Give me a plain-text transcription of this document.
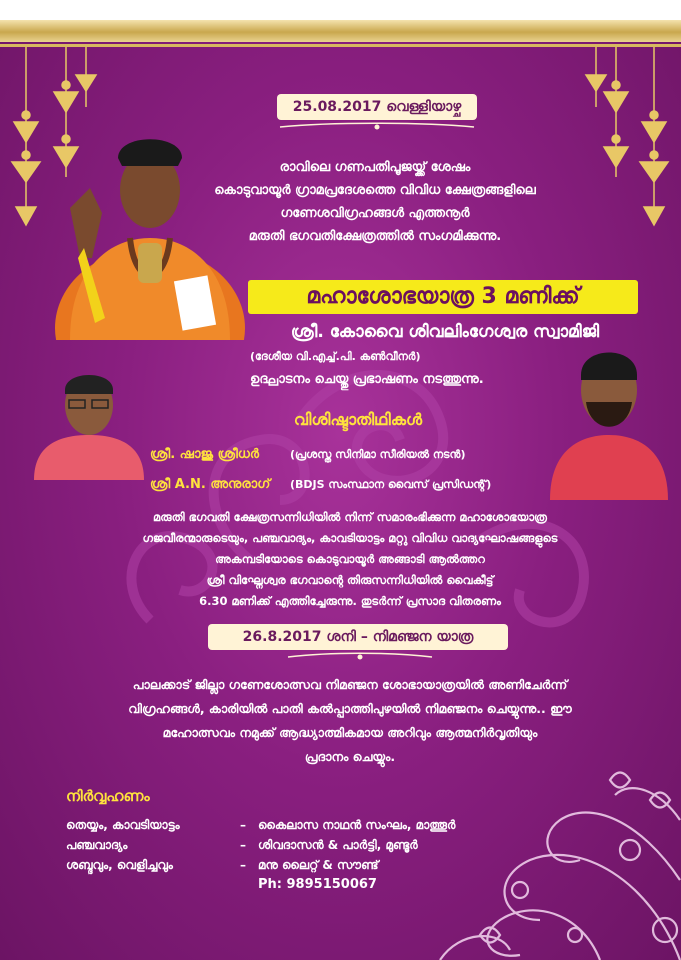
25.08.2017 വെള്ളിയാഴ്ച
രാവിലെ ഗണപതിപൂജയ്ക്ക് ശേഷം
കൊടുവായൂർ ഗ്രാമപ്രദേശത്തെ വിവിധ ക്ഷേത്രങ്ങളിലെ
ഗണേശവിഗ്രഹങ്ങൾ എത്തനൂർ
മരുതി ഭഗവതിക്ഷേത്രത്തിൽ സംഗമിക്കുന്നു.
മഹാശോഭയാത്ര 3 മണിക്ക്
ശ്രീ. കോവൈ ശിവലിംഗേശ്വര സ്വാമിജി
(ദേശീയ വി.എച്ച്.പി. കൺവീനർ)
ഉദ്ഘാടനം ചെയ്തു പ്രഭാഷണം നടത്തുന്നു.
വിശിഷ്ടാതിഥികൾ
ശ്രീ. ഷാജു ശ്രീധർ	(പ്രശസ്ത സിനിമാ സീരിയൽ നടൻ)
ശ്രീ A.N. അനുരാഗ്	(BDJS സംസ്ഥാന വൈസ് പ്രസിഡന്റ്)
മരുതി ഭഗവതി ക്ഷേത്രസന്നിധിയിൽ നിന്ന് സമാരംഭിക്കുന്ന മഹാശോഭയാത്ര
ഗജവീരന്മാരുടെയും, പഞ്ചവാദ്യം, കാവടിയാട്ടം മറ്റു വിവിധ വാദ്യഘോഷങ്ങളുടെ
അകമ്പടിയോടെ കൊടുവായൂർ അങ്ങാടി ആൽത്തറ
ശ്രീ വിഘ്നേശ്വര ഭഗവാന്റെ തിരുസന്നിധിയിൽ വൈകീട്ട്
6.30 മണിക്ക് എത്തിച്ചേരുന്നു. തുടർന്ന് പ്രസാദ വിതരണം
26.8.2017 ശനി – നിമഞ്ജന യാത്ര
പാലക്കാട് ജില്ലാ ഗണേശോത്സവ നിമഞ്ജന ശോഭായാത്രയിൽ അണിചേർന്ന്
വിഗ്രഹങ്ങൾ, കാരിയിൽ പാതി കൽപ്പാത്തിപുഴയിൽ നിമഞ്ജനം ചെയ്യുന്നു.. ഈ
മഹോത്സവം നമുക്ക് ആദ്ധ്യാത്മികമായ അറിവും ആത്മനിർവൃതിയും
പ്രദാനം ചെയ്യും.
നിർവ്വഹണം
തെയ്യം, കാവടിയാട്ടം	–	കൈലാസ നാഥൻ സംഘം, മാത്തൂർ
പഞ്ചവാദ്യം	–	ശിവദാസൻ & പാർട്ടി, മുണ്ടൂർ
ശബ്ദവും, വെളിച്ചവും	–	മനു ലൈറ്റ് & സൗണ്ട്
Ph: 9895150067
